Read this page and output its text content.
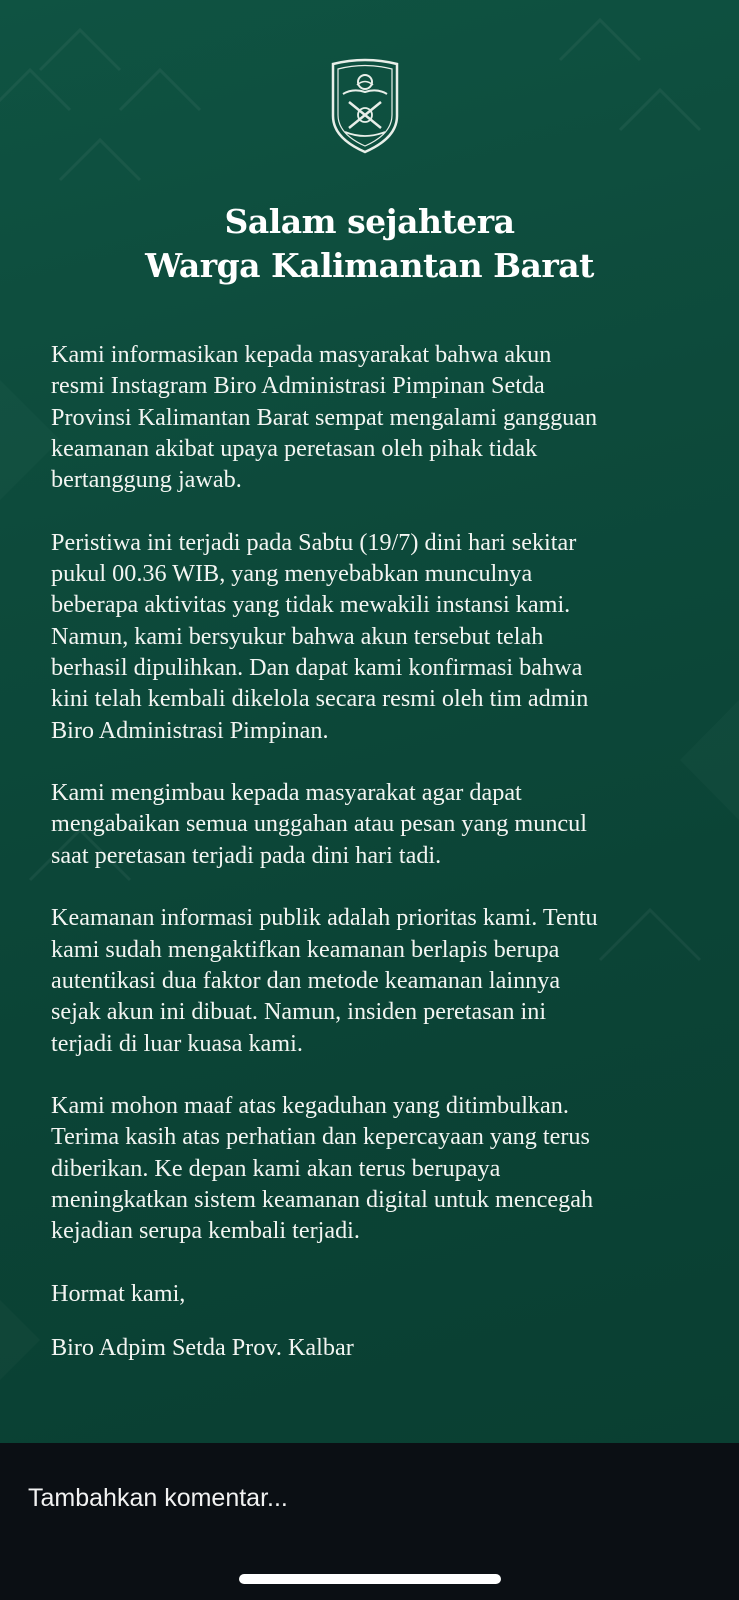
Salam sejahtera
Warga Kalimantan Barat
Kami informasikan kepada masyarakat bahwa akun
resmi Instagram Biro Administrasi Pimpinan Setda
Provinsi Kalimantan Barat sempat mengalami gangguan
keamanan akibat upaya peretasan oleh pihak tidak
bertanggung jawab.
Peristiwa ini terjadi pada Sabtu (19/7) dini hari sekitar
pukul 00.36 WIB, yang menyebabkan munculnya
beberapa aktivitas yang tidak mewakili instansi kami.
Namun, kami bersyukur bahwa akun tersebut telah
berhasil dipulihkan. Dan dapat kami konfirmasi bahwa
kini telah kembali dikelola secara resmi oleh tim admin
Biro Administrasi Pimpinan.
Kami mengimbau kepada masyarakat agar dapat
mengabaikan semua unggahan atau pesan yang muncul
saat peretasan terjadi pada dini hari tadi.
Keamanan informasi publik adalah prioritas kami. Tentu
kami sudah mengaktifkan keamanan berlapis berupa
autentikasi dua faktor dan metode keamanan lainnya
sejak akun ini dibuat. Namun, insiden peretasan ini
terjadi di luar kuasa kami.
Kami mohon maaf atas kegaduhan yang ditimbulkan.
Terima kasih atas perhatian dan kepercayaan yang terus
diberikan. Ke depan kami akan terus berupaya
meningkatkan sistem keamanan digital untuk mencegah
kejadian serupa kembali terjadi.
Hormat kami,
Biro Adpim Setda Prov. Kalbar
Tambahkan komentar...
